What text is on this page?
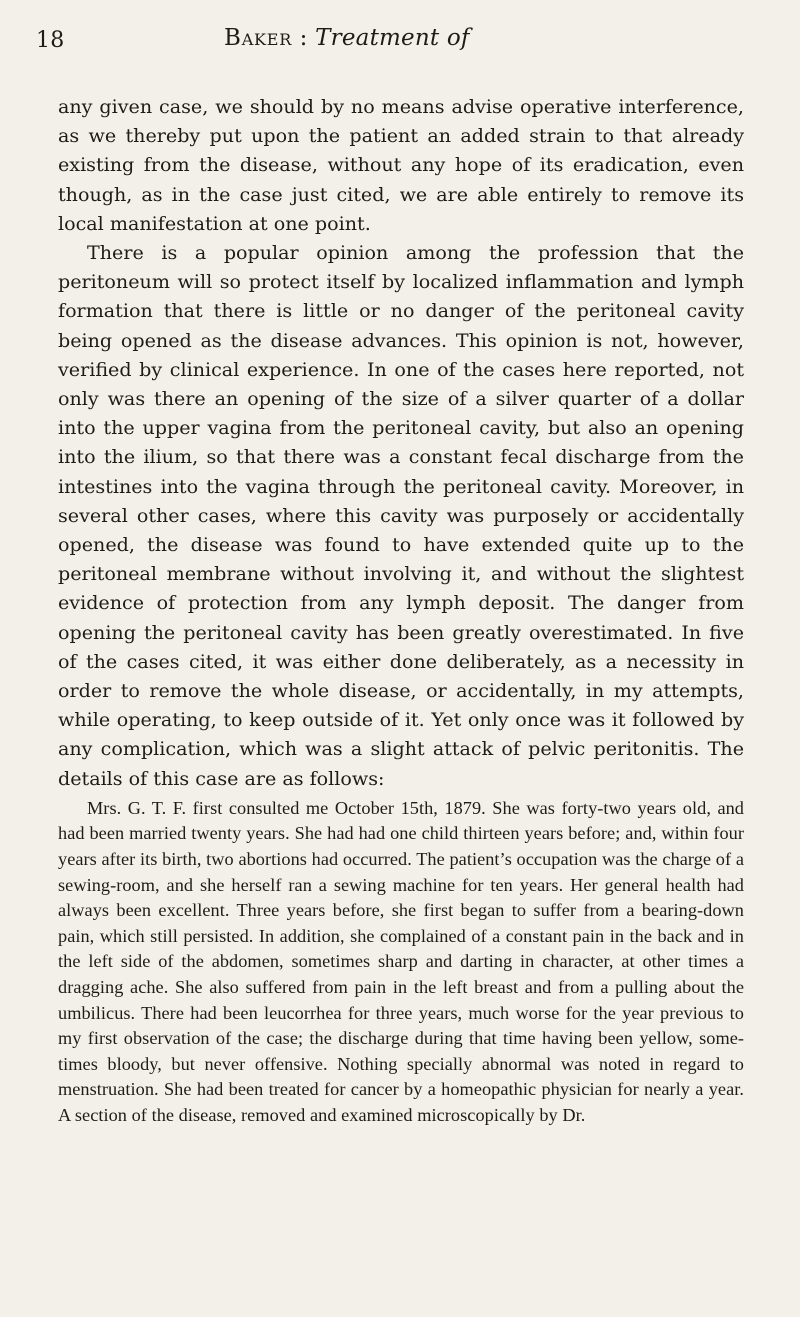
18	Baker : Treatment of

any given case, we should by no means advise operative interference, as we thereby put upon the patient an added strain to that already existing from the disease, without any hope of its eradication, even though, as in the case just cited, we are able entirely to remove its local manifestation at one point.

There is a popular opinion among the profession that the peritoneum will so protect itself by localized inflammation and lymph formation that there is little or no danger of the peritoneal cavity being opened as the disease advances. This opinion is not, however, verified by clinical experience. In one of the cases here reported, not only was there an opening of the size of a silver quarter of a dollar into the upper vagina from the peritoneal cavity, but also an opening into the ilium, so that there was a constant fecal discharge from the intestines into the vagina through the peritoneal cavity. Moreover, in several other cases, where this cavity was purposely or accidentally opened, the disease was found to have extended quite up to the peritoneal membrane without involving it, and without the slightest evidence of protection from any lymph deposit. The danger from opening the peritoneal cavity has been greatly overestimated. In five of the cases cited, it was either done deliberately, as a necessity in order to remove the whole disease, or accidentally, in my attempts, while operating, to keep outside of it. Yet only once was it followed by any complication, which was a slight attack of pelvic peritonitis. The details of this case are as follows:

Mrs. G. T. F. first consulted me October 15th, 1879. She was forty-two years old, and had been married twenty years. She had had one child thirteen years before; and, within four years after its birth, two abortions had occurred. The patient’s occupation was the charge of a sewing-room, and she herself ran a sewing machine for ten years. Her general health had always been excellent. Three years before, she first began to suffer from a bearing-down pain, which still persisted. In addition, she complained of a constant pain in the back and in the left side of the abdomen, sometimes sharp and darting in character, at other times a dragging ache. She also suffered from pain in the left breast and from a pulling about the umbilicus. There had been leucorrhea for three years, much worse for the year previous to my first observation of the case; the discharge during that time having been yellow, sometimes bloody, but never offensive. Nothing specially abnormal was noted in regard to menstruation. She had been treated for cancer by a homeopathic physician for nearly a year. A section of the disease, removed and examined microscopically by Dr.
